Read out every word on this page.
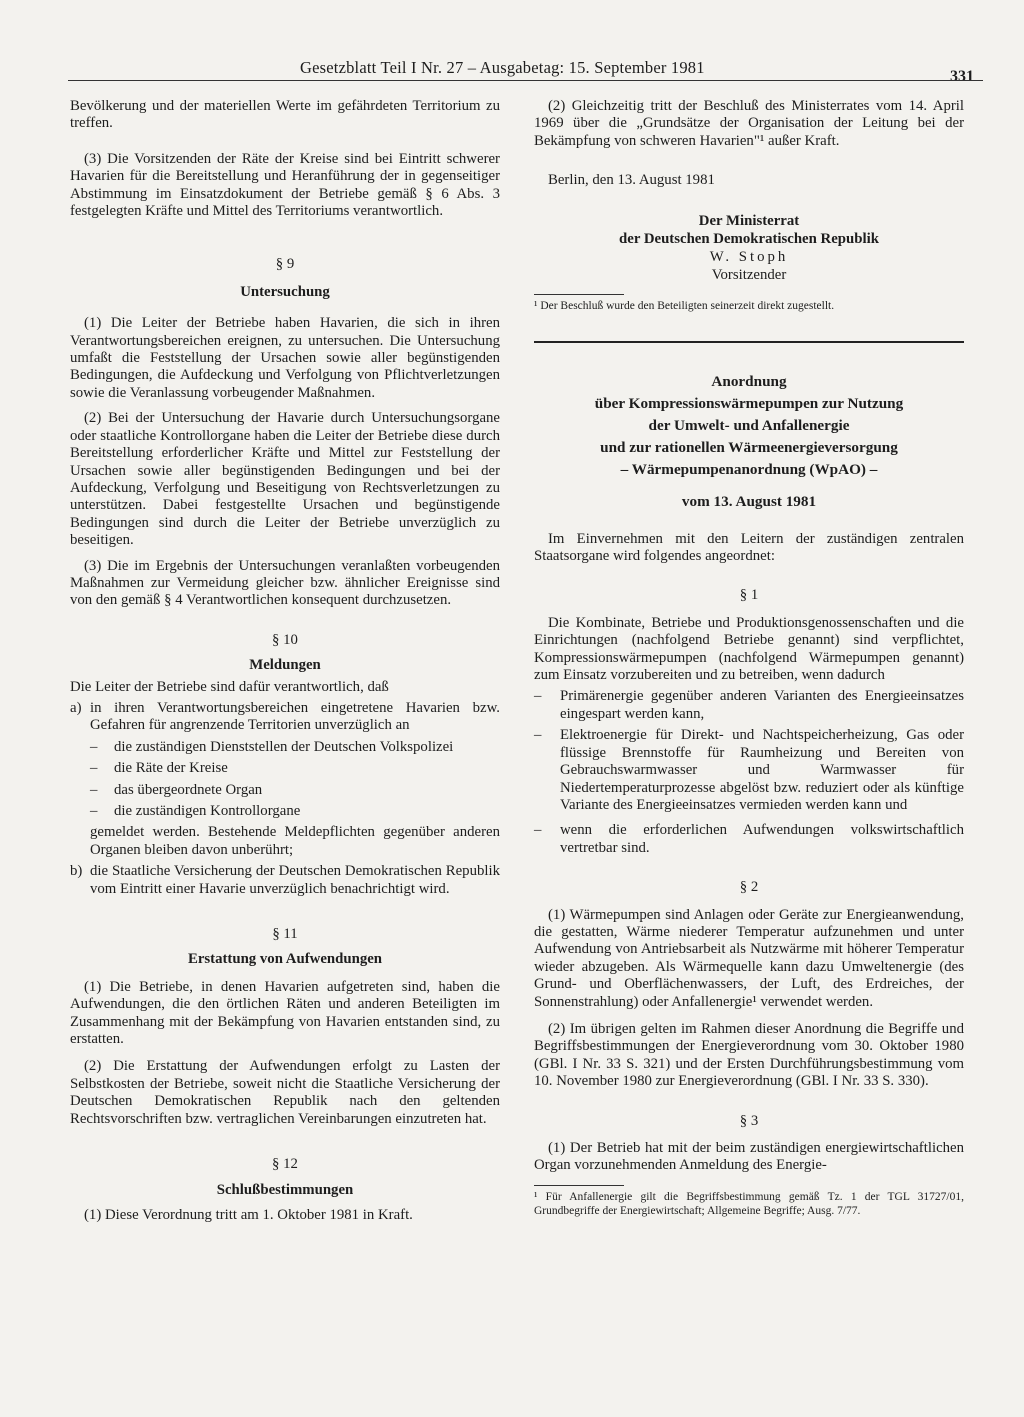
Gesetzblatt Teil I Nr. 27 – Ausgabetag: 15. September 1981	331

Bevölkerung und der materiellen Werte im gefährdeten Territorium zu treffen.

(3) Die Vorsitzenden der Räte der Kreise sind bei Eintritt schwerer Havarien für die Bereitstellung und Heranführung der in gegenseitiger Abstimmung im Einsatzdokument der Betriebe gemäß § 6 Abs. 3 festgelegten Kräfte und Mittel des Territoriums verantwortlich.

§ 9

Untersuchung

(1) Die Leiter der Betriebe haben Havarien, die sich in ihren Verantwortungsbereichen ereignen, zu untersuchen. Die Untersuchung umfaßt die Feststellung der Ursachen sowie aller begünstigenden Bedingungen, die Aufdeckung und Verfolgung von Pflichtverletzungen sowie die Veranlassung vorbeugender Maßnahmen.

(2) Bei der Untersuchung der Havarie durch Untersuchungsorgane oder staatliche Kontrollorgane haben die Leiter der Betriebe diese durch Bereitstellung erforderlicher Kräfte und Mittel zur Feststellung der Ursachen sowie aller begünstigenden Bedingungen und bei der Aufdeckung, Verfolgung und Beseitigung von Rechtsverletzungen zu unterstützen. Dabei festgestellte Ursachen und begünstigende Bedingungen sind durch die Leiter der Betriebe unverzüglich zu beseitigen.

(3) Die im Ergebnis der Untersuchungen veranlaßten vorbeugenden Maßnahmen zur Vermeidung gleicher bzw. ähnlicher Ereignisse sind von den gemäß § 4 Verantwortlichen konsequent durchzusetzen.

§ 10

Meldungen

Die Leiter der Betriebe sind dafür verantwortlich, daß

a) in ihren Verantwortungsbereichen eingetretene Havarien bzw. Gefahren für angrenzende Territorien unverzüglich an
–	die zuständigen Dienststellen der Deutschen Volkspolizei
–	die Räte der Kreise
–	das übergeordnete Organ
–	die zuständigen Kontrollorgane

gemeldet werden. Bestehende Meldepflichten gegenüber anderen Organen bleiben davon unberührt;

b) die Staatliche Versicherung der Deutschen Demokratischen Republik vom Eintritt einer Havarie unverzüglich benachrichtigt wird.

§ 11

Erstattung von Aufwendungen

(1) Die Betriebe, in denen Havarien aufgetreten sind, haben die Aufwendungen, die den örtlichen Räten und anderen Beteiligten im Zusammenhang mit der Bekämpfung von Havarien entstanden sind, zu erstatten.

(2) Die Erstattung der Aufwendungen erfolgt zu Lasten der Selbstkosten der Betriebe, soweit nicht die Staatliche Versicherung der Deutschen Demokratischen Republik nach den geltenden Rechtsvorschriften bzw. vertraglichen Vereinbarungen einzutreten hat.

§ 12

Schlußbestimmungen

(1) Diese Verordnung tritt am 1. Oktober 1981 in Kraft.

(2) Gleichzeitig tritt der Beschluß des Ministerrates vom 14. April 1969 über die „Grundsätze der Organisation der Leitung bei der Bekämpfung von schweren Havarien"¹ außer Kraft.

Berlin, den 13. August 1981

Der Ministerrat
der Deutschen Demokratischen Republik
W. Stoph
Vorsitzender

¹ Der Beschluß wurde den Beteiligten seinerzeit direkt zugestellt.

Anordnung
über Kompressionswärmepumpen zur Nutzung
der Umwelt- und Anfallenergie
und zur rationellen Wärmeenergieversorgung
– Wärmepumpenanordnung (WpAO) –
vom 13. August 1981

Im Einvernehmen mit den Leitern der zuständigen zentralen Staatsorgane wird folgendes angeordnet:

§ 1

Die Kombinate, Betriebe und Produktionsgenossenschaften und die Einrichtungen (nachfolgend Betriebe genannt) sind verpflichtet, Kompressionswärmepumpen (nachfolgend Wärmepumpen genannt) zum Einsatz vorzubereiten und zu betreiben, wenn dadurch

–	Primärenergie gegenüber anderen Varianten des Energieeinsatzes eingespart werden kann,
–	Elektroenergie für Direkt- und Nachtspeicherheizung, Gas oder flüssige Brennstoffe für Raumheizung und Bereiten von Gebrauchswarmwasser und Warmwasser für Niedertemperaturprozesse abgelöst bzw. reduziert oder als künftige Variante des Energieeinsatzes vermieden werden kann und
–	wenn die erforderlichen Aufwendungen volkswirtschaftlich vertretbar sind.

§ 2

(1) Wärmepumpen sind Anlagen oder Geräte zur Energieanwendung, die gestatten, Wärme niederer Temperatur aufzunehmen und unter Aufwendung von Antriebsarbeit als Nutzwärme mit höherer Temperatur wieder abzugeben. Als Wärmequelle kann dazu Umweltenergie (des Grund- und Oberflächenwassers, der Luft, des Erdreiches, der Sonnenstrahlung) oder Anfallenergie¹ verwendet werden.

(2) Im übrigen gelten im Rahmen dieser Anordnung die Begriffe und Begriffsbestimmungen der Energieverordnung vom 30. Oktober 1980 (GBl. I Nr. 33 S. 321) und der Ersten Durchführungsbestimmung vom 10. November 1980 zur Energieverordnung (GBl. I Nr. 33 S. 330).

§ 3

(1) Der Betrieb hat mit der beim zuständigen energiewirtschaftlichen Organ vorzunehmenden Anmeldung des Energie-

¹ Für Anfallenergie gilt die Begriffsbestimmung gemäß Tz. 1 der TGL 31727/01, Grundbegriffe der Energiewirtschaft; Allgemeine Begriffe; Ausg. 7/77.
